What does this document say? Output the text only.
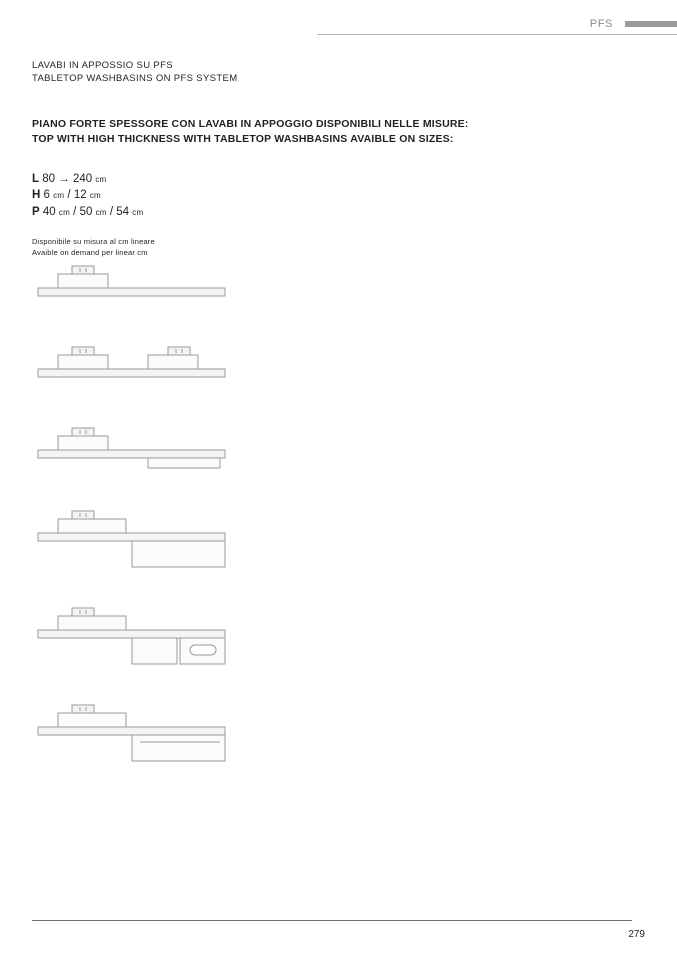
PFS
LAVABI IN APPOSSIO SU PFS
TABLETOP WASHBASINS ON PFS SYSTEM
PIANO FORTE SPESSORE CON LAVABI IN APPOGGIO DISPONIBILI NELLE MISURE:
TOP WITH HIGH THICKNESS WITH TABLETOP WASHBASINS AVAIBLE ON SIZES:
L 80 → 240 cm
H 6 cm / 12 cm
P 40 cm / 50 cm / 54 cm
Disponibile su misura al cm lineare
Avaible on demand per linear cm
279
